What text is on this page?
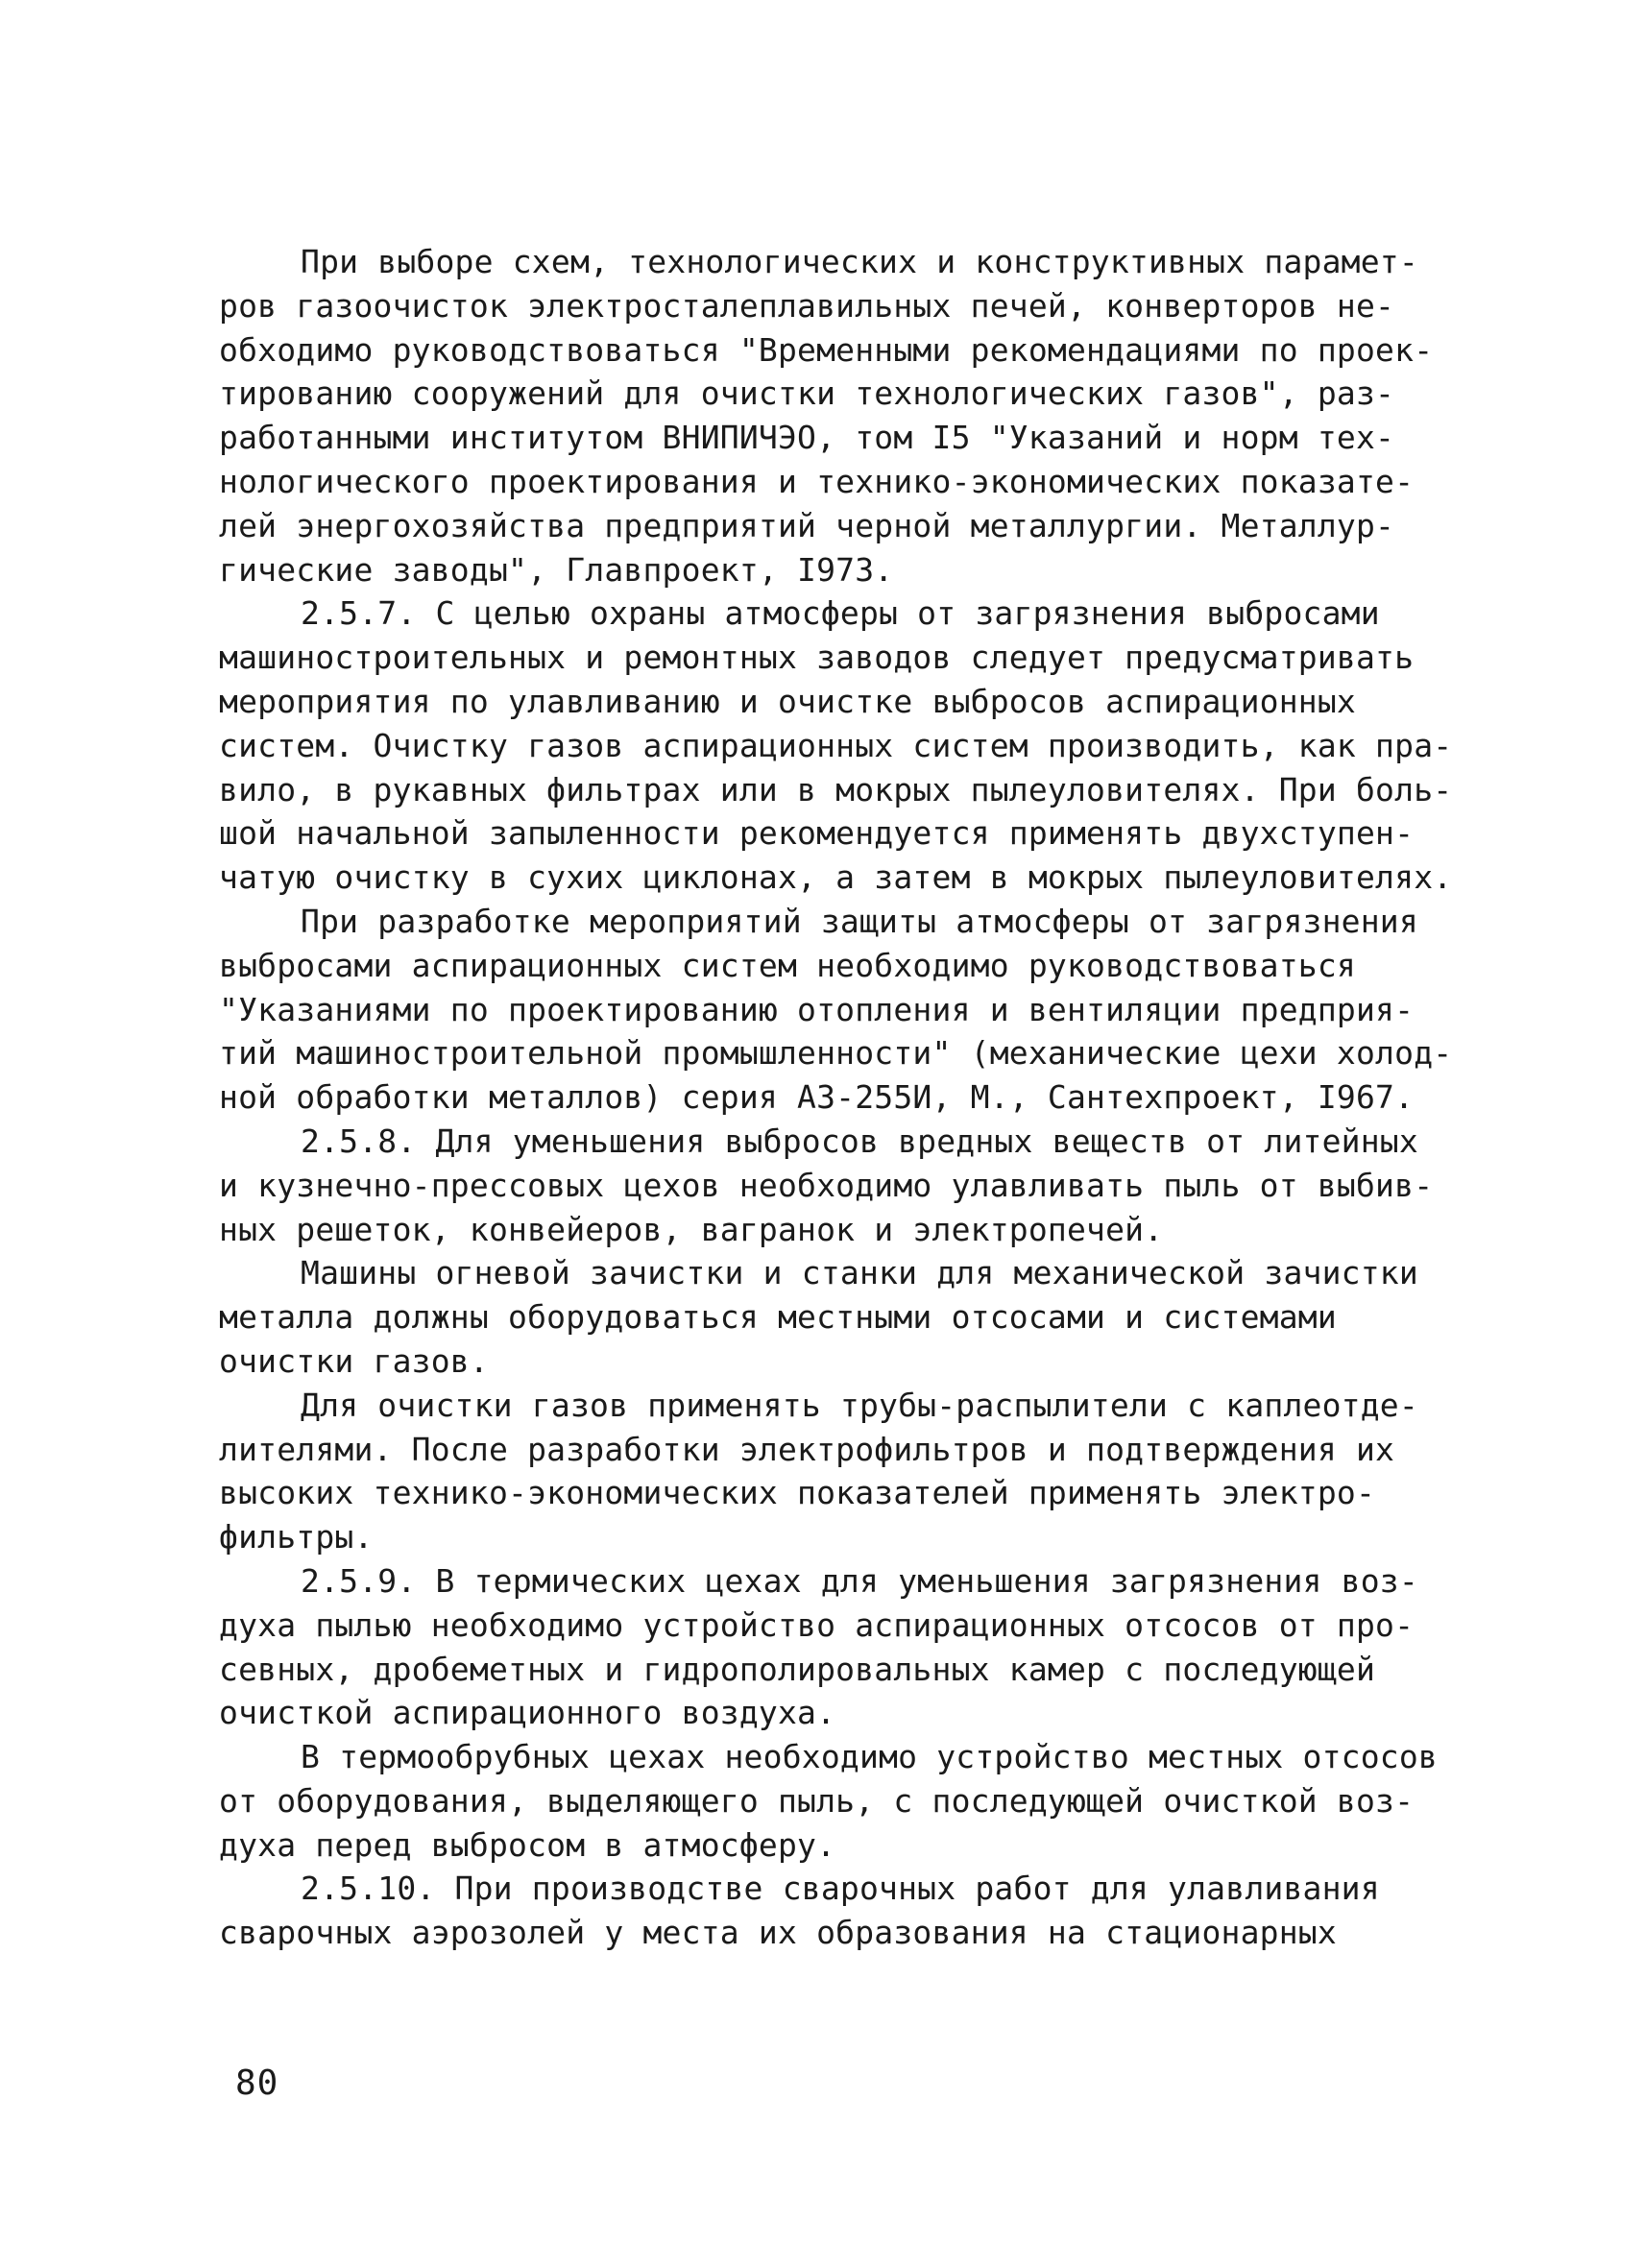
При выборе схем, технологических и конструктивных парамет-
ров газоочисток электросталеплавильных печей, конверторов не-
обходимо руководствоваться "Временными рекомендациями по проек-
тированию сооружений для очистки технологических газов", раз-
работанными институтом ВНИПИЧЭО, том I5 "Указаний и норм тех-
нологического проектирования и технико-экономических показате-
лей энергохозяйства предприятий черной металлургии. Металлур-
гические заводы", Главпроект, I973.
2.5.7. С целью охраны атмосферы от загрязнения выбросами
машиностроительных и ремонтных заводов следует предусматривать
мероприятия по улавливанию и очистке выбросов аспирационных
систем. Очистку газов аспирационных систем производить, как пра-
вило, в рукавных фильтрах или в мокрых пылеуловителях. При боль-
шой начальной запыленности рекомендуется применять двухступен-
чатую очистку в сухих циклонах, а затем в мокрых пылеуловителях.
При разработке мероприятий защиты атмосферы от загрязнения
выбросами аспирационных систем необходимо руководствоваться
"Указаниями по проектированию отопления и вентиляции предприя-
тий машиностроительной промышленности" (механические цехи холод-
ной обработки металлов) серия А3-255И, М., Сантехпроект, I967.
2.5.8. Для уменьшения выбросов вредных веществ от литейных
и кузнечно-прессовых цехов необходимо улавливать пыль от выбив-
ных решеток, конвейеров, вагранок и электропечей.
Машины огневой зачистки и станки для механической зачистки
металла должны оборудоваться местными отсосами и системами
очистки газов.
Для очистки газов применять трубы-распылители с каплеотде-
лителями. После разработки электрофильтров и подтверждения их
высоких технико-экономических показателей применять электро-
фильтры.
2.5.9. В термических цехах для уменьшения загрязнения воз-
духа пылью необходимо устройство аспирационных отсосов от про-
севных, дробеметных и гидрополировальных камер с последующей
очисткой аспирационного воздуха.
В термообрубных цехах необходимо устройство местных отсосов
от оборудования, выделяющего пыль, с последующей очисткой воз-
духа перед выбросом в атмосферу.
2.5.10. При производстве сварочных работ для улавливания
сварочных аэрозолей у места их образования на стационарных
80
